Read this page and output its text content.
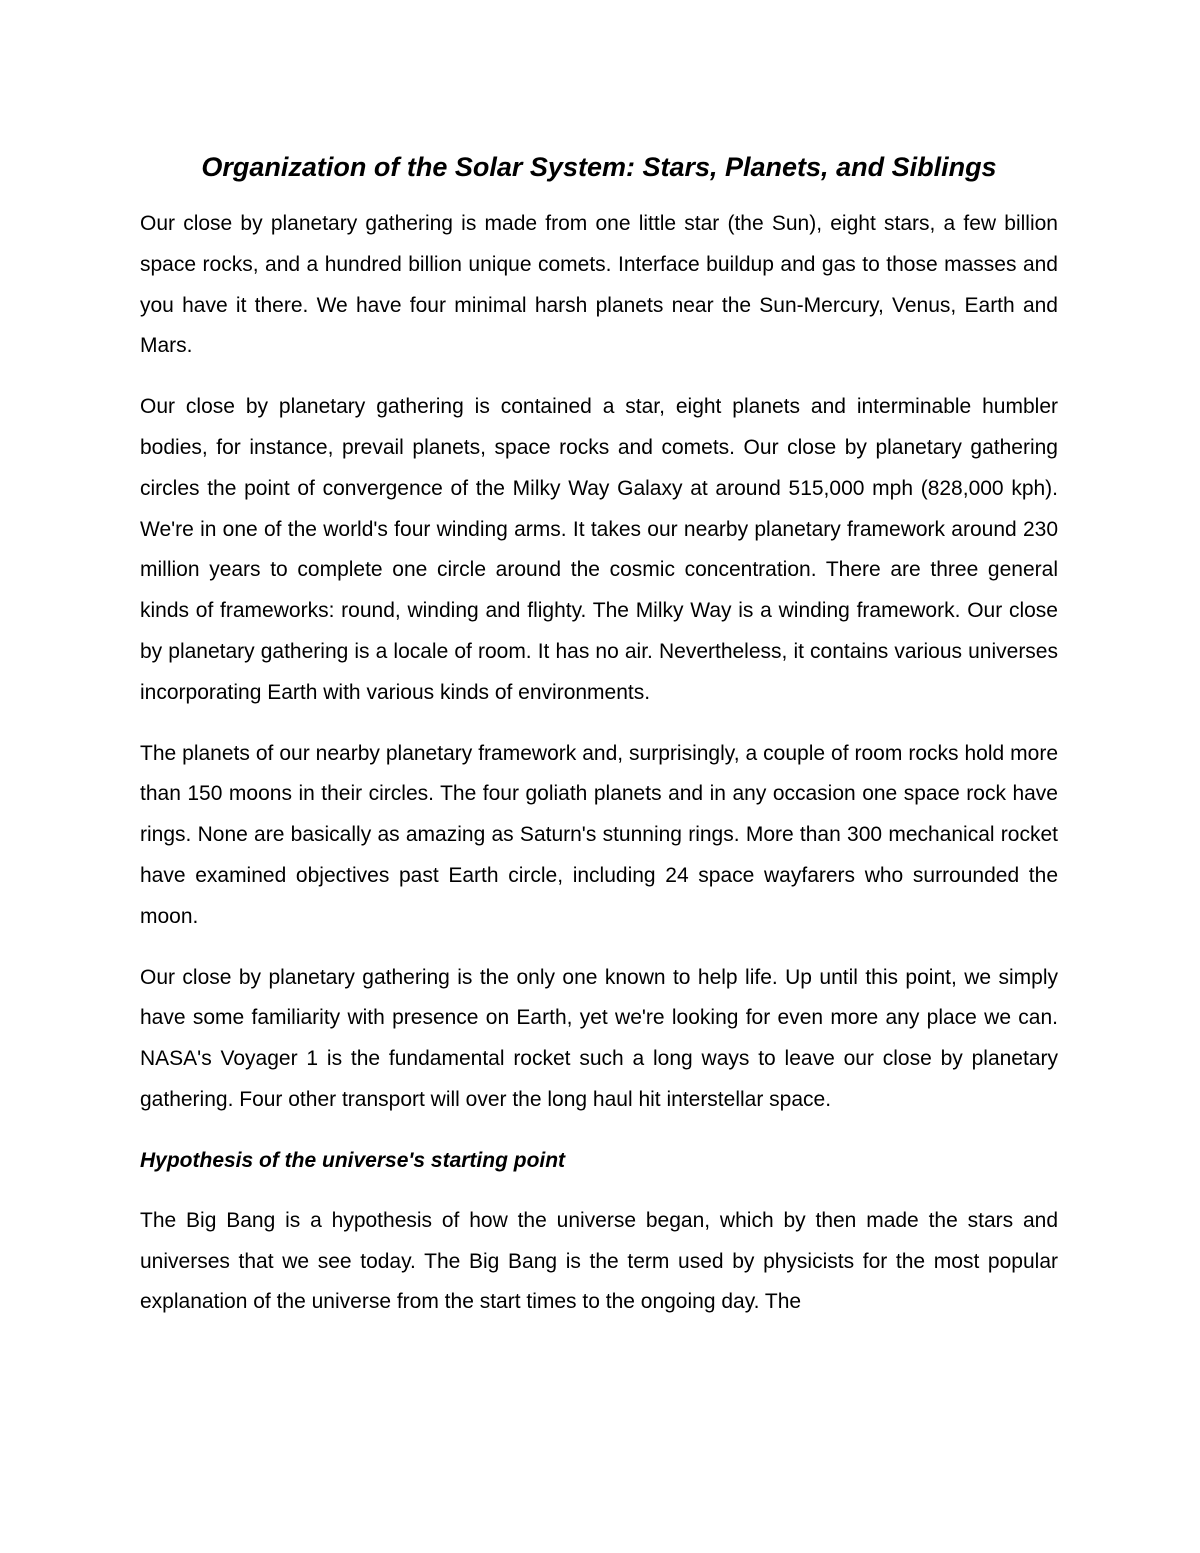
Organization of the Solar System: Stars, Planets, and Siblings

Our close by planetary gathering is made from one little star (the Sun), eight stars, a few billion space rocks, and a hundred billion unique comets. Interface buildup and gas to those masses and you have it there. We have four minimal harsh planets near the Sun-Mercury, Venus, Earth and Mars.

Our close by planetary gathering is contained a star, eight planets and interminable humbler bodies, for instance, prevail planets, space rocks and comets. Our close by planetary gathering circles the point of convergence of the Milky Way Galaxy at around 515,000 mph (828,000 kph). We're in one of the world's four winding arms. It takes our nearby planetary framework around 230 million years to complete one circle around the cosmic concentration. There are three general kinds of frameworks: round, winding and flighty. The Milky Way is a winding framework. Our close by planetary gathering is a locale of room. It has no air. Nevertheless, it contains various universes incorporating Earth with various kinds of environments.

The planets of our nearby planetary framework and, surprisingly, a couple of room rocks hold more than 150 moons in their circles. The four goliath planets and in any occasion one space rock have rings. None are basically as amazing as Saturn's stunning rings. More than 300 mechanical rocket have examined objectives past Earth circle, including 24 space wayfarers who surrounded the moon.

Our close by planetary gathering is the only one known to help life. Up until this point, we simply have some familiarity with presence on Earth, yet we're looking for even more any place we can. NASA's Voyager 1 is the fundamental rocket such a long ways to leave our close by planetary gathering. Four other transport will over the long haul hit interstellar space.

Hypothesis of the universe's starting point

The Big Bang is a hypothesis of how the universe began, which by then made the stars and universes that we see today. The Big Bang is the term used by physicists for the most popular explanation of the universe from the start times to the ongoing day. The
